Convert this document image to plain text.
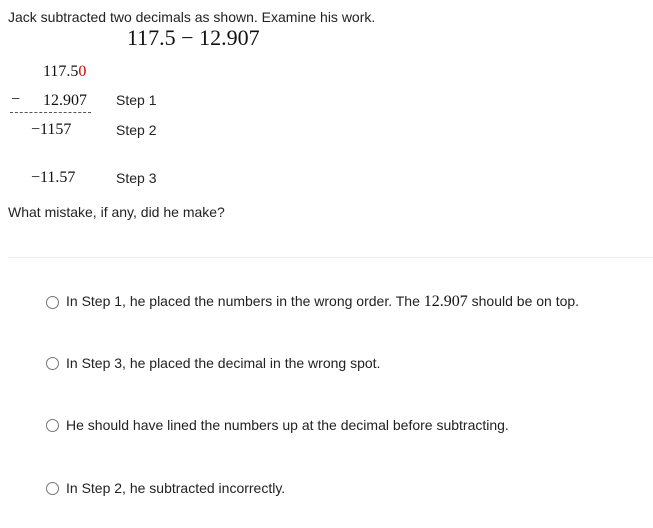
Jack subtracted two decimals as shown. Examine his work.
117.5 − 12.907
117.50
− 12.907
−1157
−11.57
Step 1
Step 2
Step 3
What mistake, if any, did he make?
In Step 1, he placed the numbers in the wrong order. The 12.907 should be on top.
In Step 3, he placed the decimal in the wrong spot.
He should have lined the numbers up at the decimal before subtracting.
In Step 2, he subtracted incorrectly.
